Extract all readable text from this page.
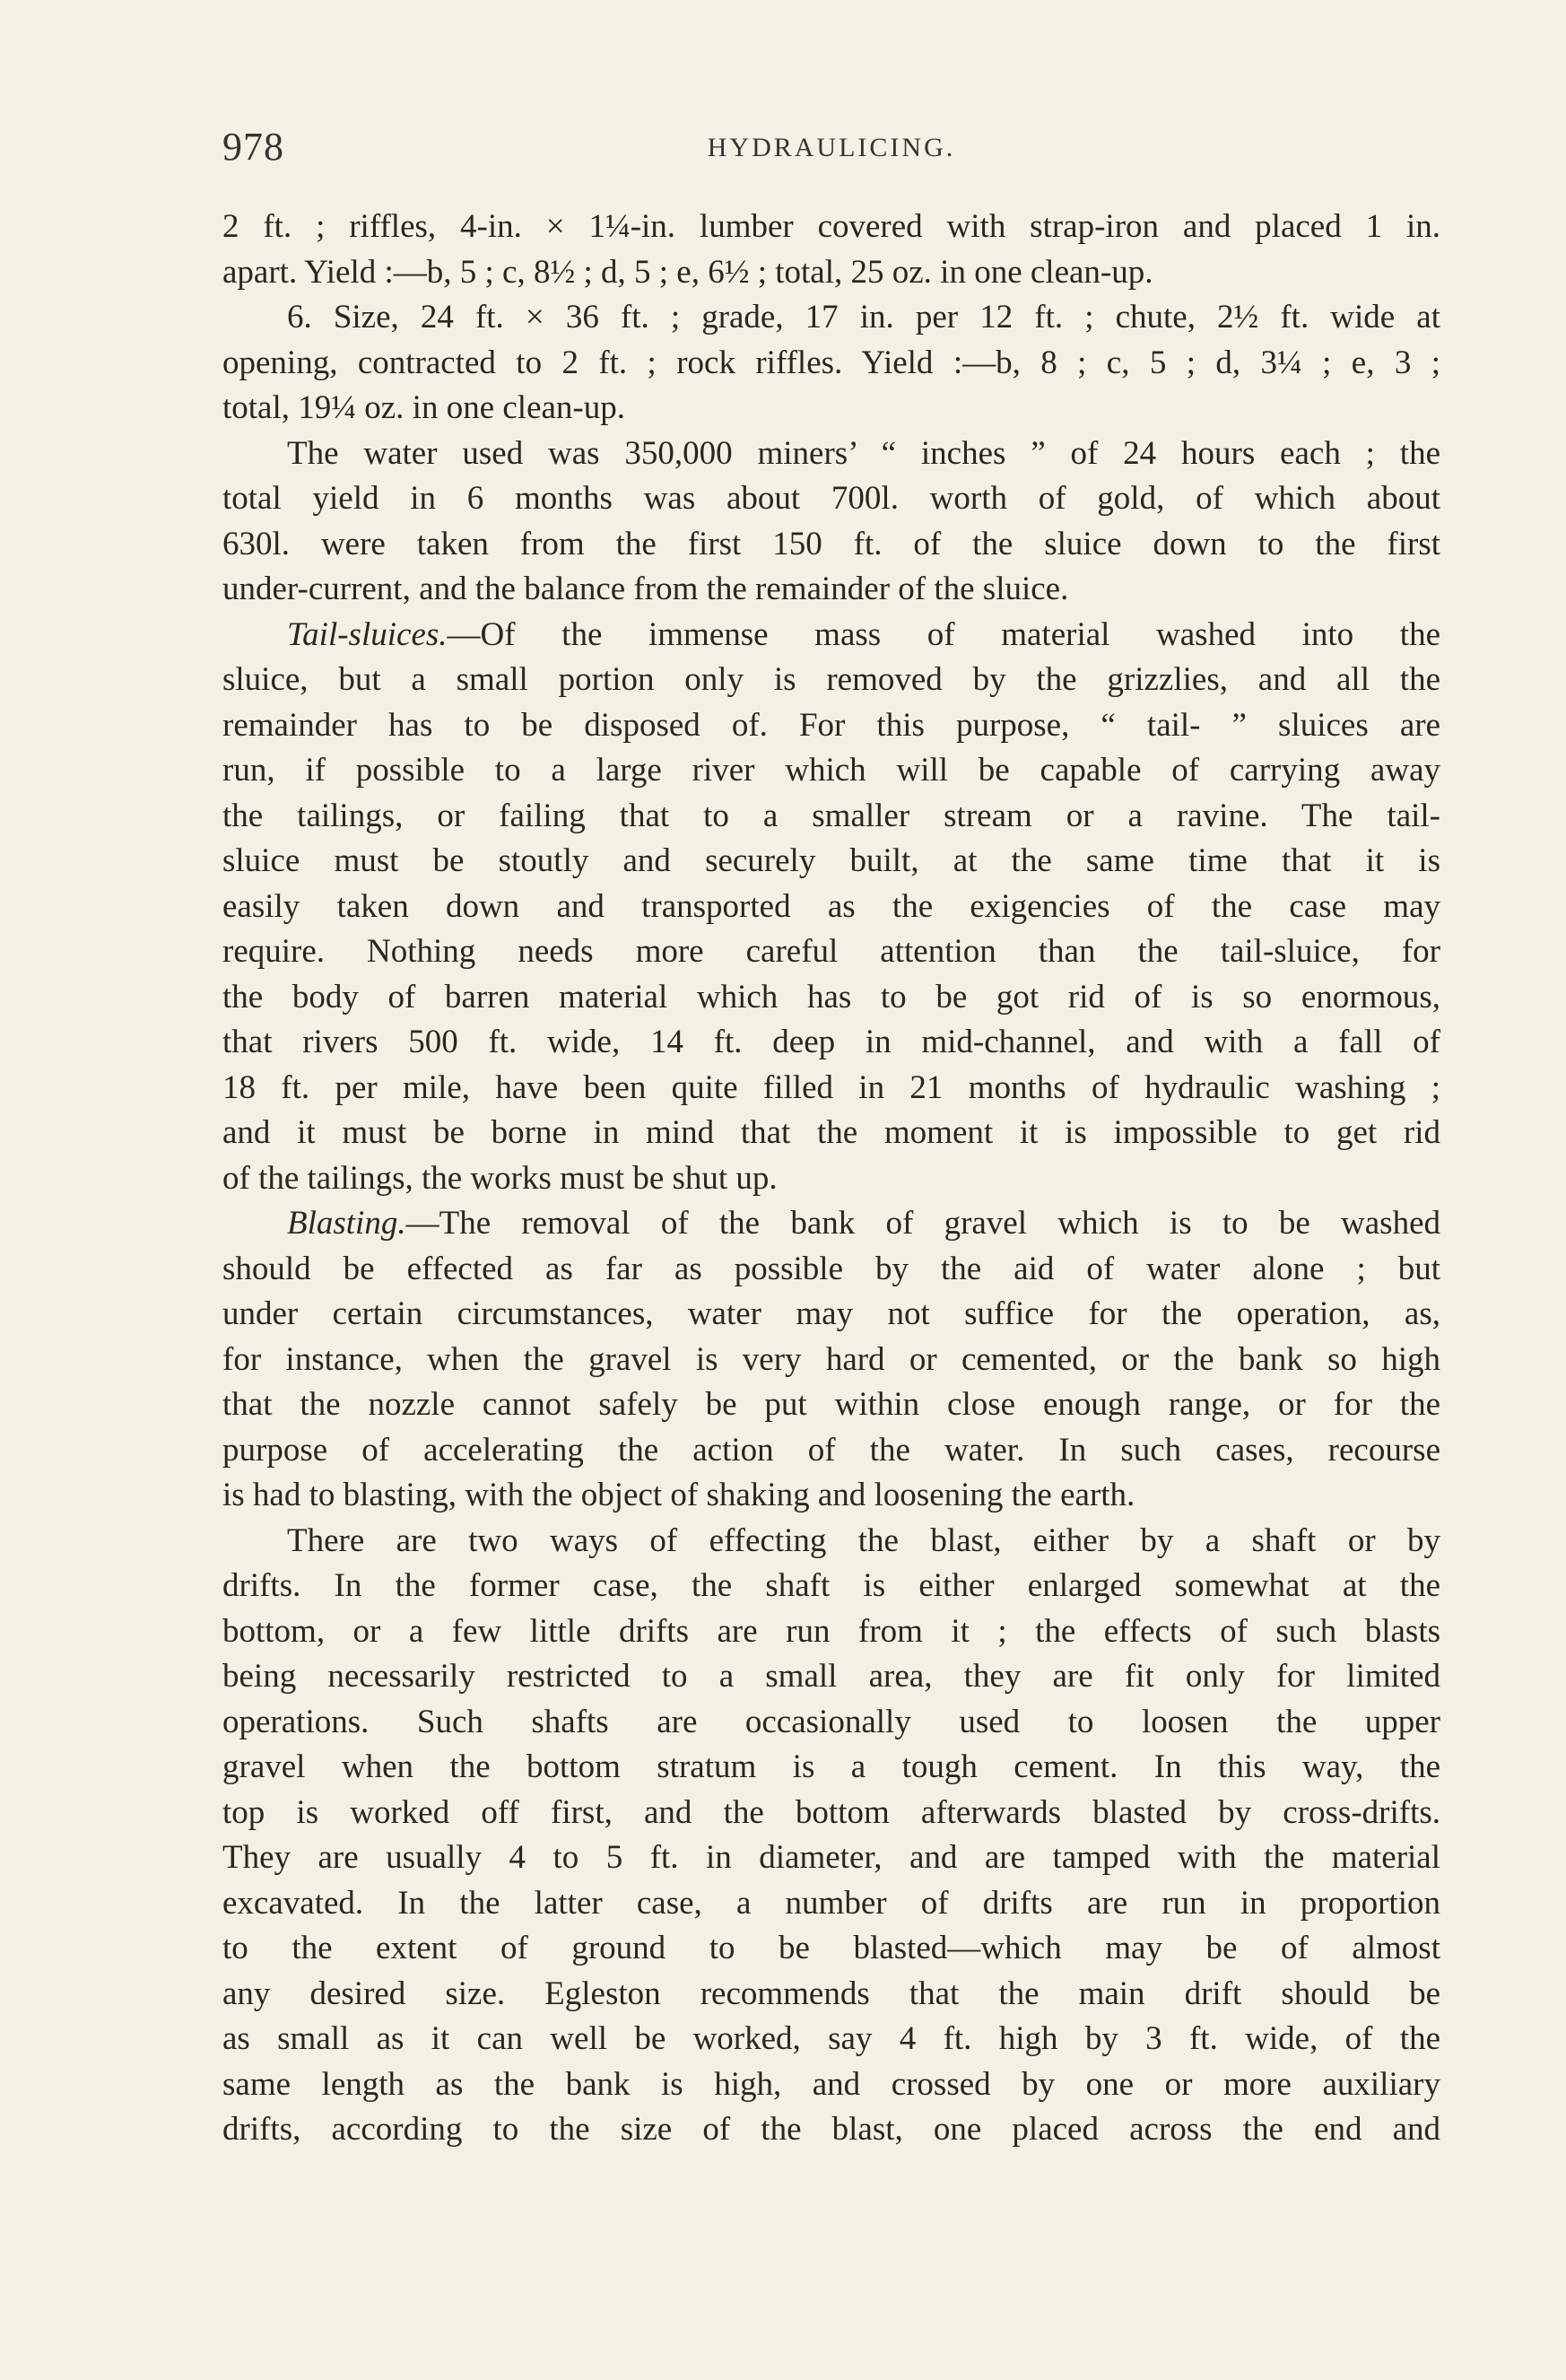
978	HYDRAULICING.

2 ft. ; riffles, 4-in. × 1¼-in. lumber covered with strap-iron and placed 1 in.
apart. Yield :—b, 5 ; c, 8½ ; d, 5 ; e, 6½ ; total, 25 oz. in one clean-up.

6. Size, 24 ft. × 36 ft. ; grade, 17 in. per 12 ft. ; chute, 2½ ft. wide at
opening, contracted to 2 ft. ; rock riffles. Yield :—b, 8 ; c, 5 ; d, 3¼ ; e, 3 ;
total, 19¼ oz. in one clean-up.

The water used was 350,000 miners’ “ inches ” of 24 hours each ; the
total yield in 6 months was about 700l. worth of gold, of which about
630l. were taken from the first 150 ft. of the sluice down to the first
under-current, and the balance from the remainder of the sluice.

Tail-sluices.—Of the immense mass of material washed into the
sluice, but a small portion only is removed by the grizzlies, and all the
remainder has to be disposed of. For this purpose, “ tail- ” sluices are
run, if possible to a large river which will be capable of carrying away
the tailings, or failing that to a smaller stream or a ravine. The tail-
sluice must be stoutly and securely built, at the same time that it is
easily taken down and transported as the exigencies of the case may
require. Nothing needs more careful attention than the tail-sluice, for
the body of barren material which has to be got rid of is so enormous,
that rivers 500 ft. wide, 14 ft. deep in mid-channel, and with a fall of
18 ft. per mile, have been quite filled in 21 months of hydraulic washing ;
and it must be borne in mind that the moment it is impossible to get rid
of the tailings, the works must be shut up.

Blasting.—The removal of the bank of gravel which is to be washed
should be effected as far as possible by the aid of water alone ; but
under certain circumstances, water may not suffice for the operation, as,
for instance, when the gravel is very hard or cemented, or the bank so high
that the nozzle cannot safely be put within close enough range, or for the
purpose of accelerating the action of the water. In such cases, recourse
is had to blasting, with the object of shaking and loosening the earth.

There are two ways of effecting the blast, either by a shaft or by
drifts. In the former case, the shaft is either enlarged somewhat at the
bottom, or a few little drifts are run from it ; the effects of such blasts
being necessarily restricted to a small area, they are fit only for limited
operations. Such shafts are occasionally used to loosen the upper
gravel when the bottom stratum is a tough cement. In this way, the
top is worked off first, and the bottom afterwards blasted by cross-drifts.
They are usually 4 to 5 ft. in diameter, and are tamped with the material
excavated. In the latter case, a number of drifts are run in proportion
to the extent of ground to be blasted—which may be of almost
any desired size. Egleston recommends that the main drift should be
as small as it can well be worked, say 4 ft. high by 3 ft. wide, of the
same length as the bank is high, and crossed by one or more auxiliary
drifts, according to the size of the blast, one placed across the end and
